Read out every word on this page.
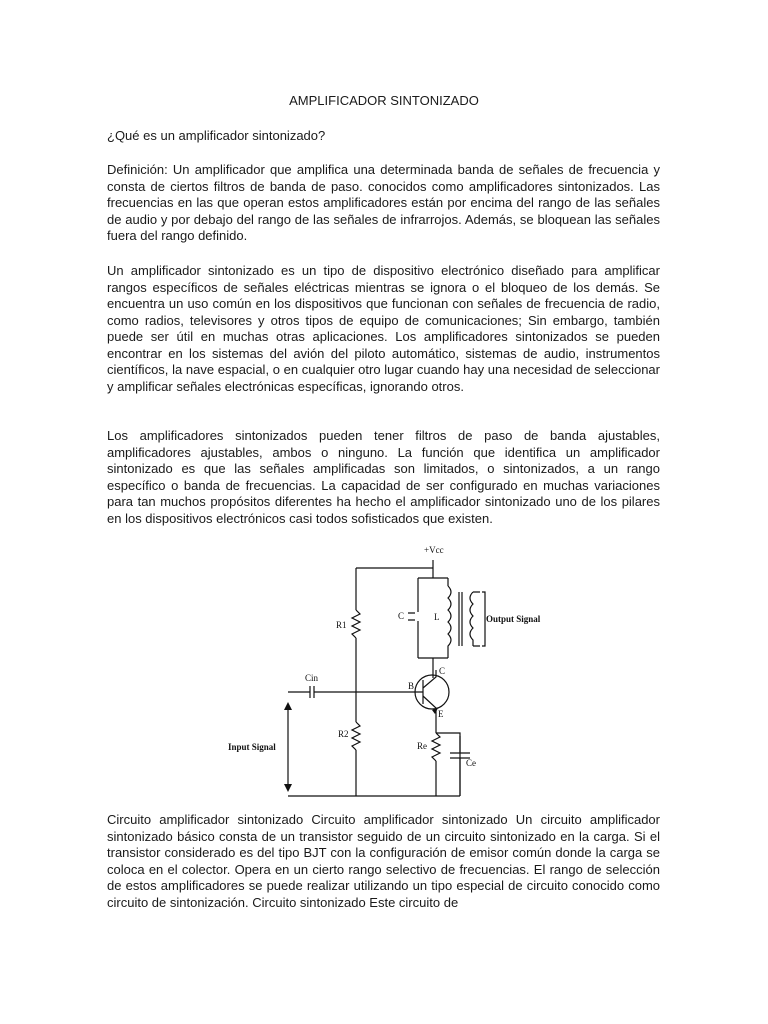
AMPLIFICADOR SINTONIZADO
¿Qué es un amplificador sintonizado?

Definición: Un amplificador que amplifica una determinada banda de señales de frecuencia y consta de ciertos filtros de banda de paso. conocidos como amplificadores sintonizados. Las frecuencias en las que operan estos amplificadores están por encima del rango de las señales de audio y por debajo del rango de las señales de infrarrojos. Además, se bloquean las señales fuera del rango definido.

Un amplificador sintonizado es un tipo de dispositivo electrónico diseñado para amplificar rangos específicos de señales eléctricas mientras se ignora o el bloqueo de los demás. Se encuentra un uso común en los dispositivos que funcionan con señales de frecuencia de radio, como radios, televisores y otros tipos de equipo de comunicaciones; Sin embargo, también puede ser útil en muchas otras aplicaciones. Los amplificadores sintonizados se pueden encontrar en los sistemas del avión del piloto automático, sistemas de audio, instrumentos científicos, la nave espacial, o en cualquier otro lugar cuando hay una necesidad de seleccionar y amplificar señales electrónicas específicas, ignorando otros.

Los amplificadores sintonizados pueden tener filtros de paso de banda ajustables, amplificadores ajustables, ambos o ninguno. La función que identifica un amplificador sintonizado es que las señales amplificadas son limitados, o sintonizados, a un rango específico o banda de frecuencias. La capacidad de ser configurado en muchas variaciones para tan muchos propósitos diferentes ha hecho el amplificador sintonizado uno de los pilares en los dispositivos electrónicos casi todos sofisticados que existen.

+Vcc
R1
R2
C	L
Cin
B
C
E
Re
Ce
Output Signal
Input Signal

Circuito amplificador sintonizado Circuito amplificador sintonizado Un circuito amplificador sintonizado básico consta de un transistor seguido de un circuito sintonizado en la carga. Si el transistor considerado es del tipo BJT con la configuración de emisor común donde la carga se coloca en el colector. Opera en un cierto rango selectivo de frecuencias. El rango de selección de estos amplificadores se puede realizar utilizando un tipo especial de circuito conocido como circuito de sintonización. Circuito sintonizado Este circuito de
